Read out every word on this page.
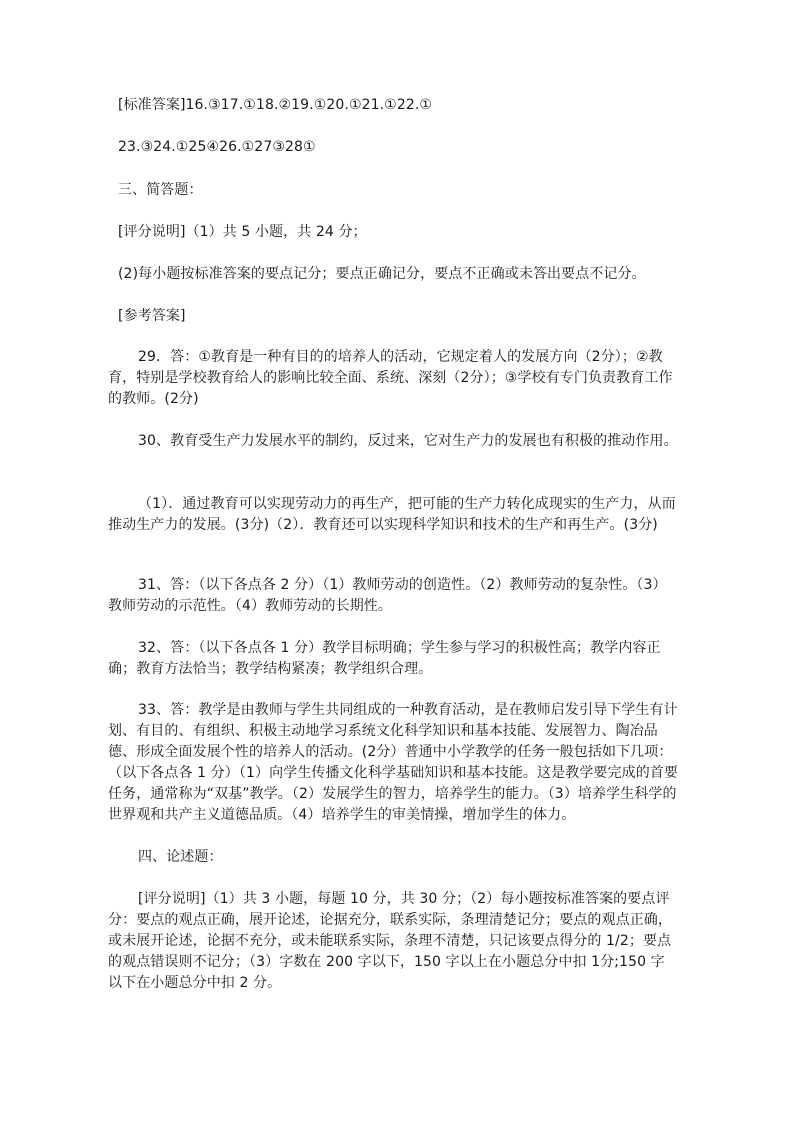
[标准答案]16.③17.①18.②19.①20.①21.①22.①

23.③24.①25④26.①27③28①

三、简答题：

[评分说明]（1）共 5 小题，共 24 分；

(2)每小题按标准答案的要点记分；要点正确记分，要点不正确或未答出要点不记分。

[参考答案]

29．答：①教育是一种有目的的培养人的活动，它规定着人的发展方向（2分）；②教育，特别是学校教育给人的影响比较全面、系统、深刻（2分）；③学校有专门负责教育工作的教师。(2分)

30、教育受生产力发展水平的制约，反过来，它对生产力的发展也有积极的推动作用。

（1）．通过教育可以实现劳动力的再生产，把可能的生产力转化成现实的生产力，从而推动生产力的发展。(3分)（2）．教育还可以实现科学知识和技术的生产和再生产。(3分)

31、答：（以下各点各 2 分）（1）教师劳动的创造性。（2）教师劳动的复杂性。（3）教师劳动的示范性。（4）教师劳动的长期性。

32、答：（以下各点各 1 分）教学目标明确；学生参与学习的积极性高；教学内容正确；教育方法恰当；教学结构紧凑；教学组织合理。

33、答：教学是由教师与学生共同组成的一种教育活动，是在教师启发引导下学生有计划、有目的、有组织、积极主动地学习系统文化科学知识和基本技能、发展智力、陶冶品德、形成全面发展个性的培养人的活动。(2分）普通中小学教学的任务一般包括如下几项：（以下各点各 1 分）（1）向学生传播文化科学基础知识和基本技能。这是教学要完成的首要任务，通常称为“双基”教学。（2）发展学生的智力，培养学生的能力。（3）培养学生科学的世界观和共产主义道德品质。（4）培养学生的审美情操，增加学生的体力。

四、论述题：

[评分说明]（1）共 3 小题，每题 10 分，共 30 分；（2）每小题按标准答案的要点评分：要点的观点正确，展开论述，论据充分，联系实际，条理清楚记分；要点的观点正确，或未展开论述，论据不充分，或未能联系实际，条理不清楚，只记该要点得分的 1/2；要点的观点错误则不记分；（3）字数在 200 字以下，150 字以上在小题总分中扣 1分;150 字以下在小题总分中扣 2 分。
